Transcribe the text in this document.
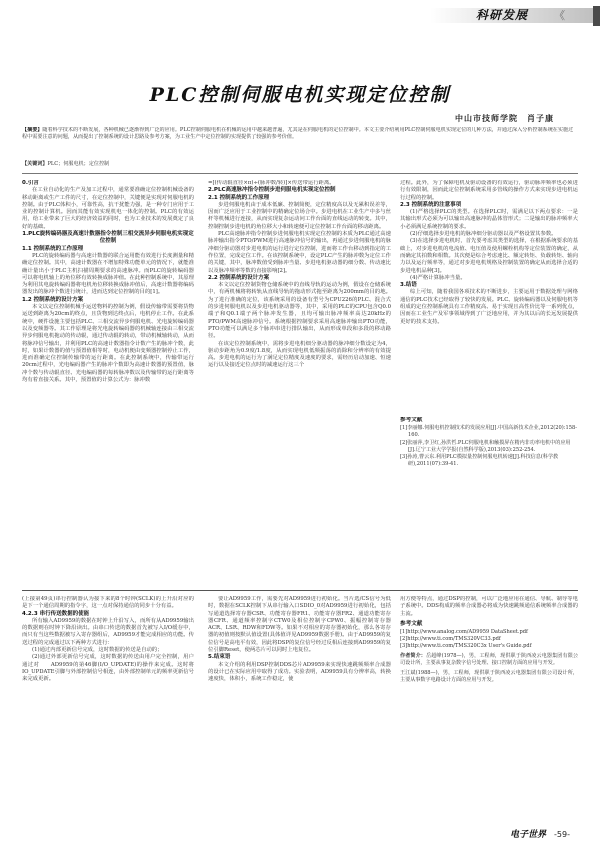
科研发展 《
PLC控制伺服电机实现定位控制
中山市技师学院　肖子康
【摘要】随着科学技术的不断发展，各种机械已逐渐得到广泛的应用。PLC控制伺服电机在机械的运用中越来越普遍，尤其是在伺服电机的定位控制中。本文主要介绍利用PLC控制伺服电机实现定位的几种方法，并通过深入分析控制系统在实施过程中需要注意的问题，从而提出了控制系统的设计思路及参考方案，为工业生产中定位控制的实现提供了较强的参考价值。
【关键词】PLC；伺服电机；定位控制

0.引言

在工业自动化的生产及加工过程中，通常要准确定位控制机械设备的移动距离或生产工件的尺寸，在定位控制中，关键便是实现对伺服电机的控制。由于PLC体积小，可靠性高，抗干扰能力强，是一种专门应用于工业的控制计算机。因而其能有效实现机电一体化的控制。PLC的有效运用，给工业带来了巨大的经济效益的同时，也为工业技术的发展奠定了良好的基础。

1.PLC旋转编码器及高速计数器指令控制三相交流异步伺服电机实现定位控制

1.1 控制系统的工作原理

PLC的旋转编码器与高速计数器的联合运用能有效进行长度测量和精确定位控制。其中，高速计数器在不增加特殊功能单元的情况下，就能准确计量出小于PLC主机扫描周期要求的高速脉冲。而PLC的旋转编码器可以将电机轴上的角位移有效转换成脉冲值。在此种控制系统中，其原理为利用其电旋转编码器将电机角位移转换成脉冲值后，高速计数器将编码器发出的脉冲个数进行统计，进而达到定位控制的目的[1]。

1.2 控制系统的设计方案

本文以定位控制机械手运送物料的控制为例，假设传输带需要将货物运送到距离为20cm的终点，且货物到达终点后，电机停止工作。在此系统中，硬件设施主要包括PLC、三相交流异步伺服电机、光电旋转编码器以及变频器等。其工作原理是将光电旋转编码器的机械轴连接由三相交流异步伺服电机拖动的传动辊，通过传动辊的转动，带动机械轴转动，从而将脉冲信号输出，并利用PLC的高速计数器指令计数产生的脉冲个数，此时，如果计数器的值与预置值相等时，电动机便由变频器控制停止工作，进而准确定位控制传输带的运行距离。在此控制系统中，传输带运行20cm过程中，光电编码器产生的脉冲个数即为高速计数器的预置值，脉冲个数与传动辊直径、光电编码器的每转脉冲数以及传输带的运行距离等均有着直接关系。其中，预置值的计算公式为：脉冲数

=[(传动辊直径×π)÷(脉冲数/转)]×传送带运行距离。

2.PLC高速脉冲指令控制步进伺服电机实现定位控制

2.1 控制系统的工作原理

步进伺服电机由于成本低廉、控制简便，定位精度高以及无累积误差等，因而广泛应用于工业控制中的精确定位场合中。步进电机在工业生产中多与丝杆等机械进行连接，从而实现复杂运动问工作台面的直线运动的转变。其中，控制控制步进电机的角位移大小和转速便可定位控制工作台面的移动距离。

PLC高速脉冲指令控制步进伺服电机实现定位控制的本质为PLC通过高速脉冲输出指令PTO/PWM进行高速脉冲信号的输出，再通过步进伺服电机的脉冲细分驱动器对步进电机的运行进行定位控制，进而将工作台移动到指定的工作位置，完成定位工作。在该控制系统中，设定PLC产生的脉冲数为定位工作的关键，其中，脉冲数值受到脉冲当量、步进电机驱动器的细分数、传动速比以及脉冲频率等数的直接影响[2]。

2.2 控制系统的设计方案

本文以定位控制货物仓储系统中的直线导轨的运动为例，假设在仓储系统中，有两机械将将转轨从直线导轨的拖动形式拖至距离为200mm的目的地。为了进行准确的定位，该系统采用的设备有型号为CPU226的PLC、混合式的步进伺服电机以及步进电机驱动器等，其中，采用的PLC的CPU包含Q0.0端子和Q0.1端子两个脉冲发生器，且均可输出脉冲频率高达20kHz的PTO/PWM高速脉冲信号。系统根据控制要求采用高速脉冲输出PTO功能，PTO功能可以满足多个脉冲串进行排队输出，从而形成单段和多段的移动路径。

在该定位控制系统中，需将步进电机细分驱动器的脉冲细分数设定为4，驱动步距角为0.9度/1.8度，从而实现电机低频振荡的消除和分辨率的有效提高。步进电机的运行为了满足定位精度及速度的要求，需经历启动加速、恒速运行以及接近定位点时的减速运行这三个

过程。此外，为了保障电机及驱动设备的有效运行，驱动脉冲频率也必须进行有效限制，因而此定位控制系统采用多管线的操作方式来实现步进电机运行过程的控制。

2.3 控制系统的注意事项

(1)严格选择PLC的类型。在选择PLC时，需满足以下两点要求：一是其输出形式必须为可以输出高速脉冲的晶体管形式；二是输出的脉冲频率大小必须满足系统控制的要求。

(2)仔细选择步进电机的脉冲细分驱动器以及严格设置其参数。

(3)在选择步进电机时，首先要考虑其类型的选择，在根据系统要求的基础上，对步进电机的电流值、电压值及使用螺栓机构等定位装置的确定，从而确定其拍数和相数。其次便是综合考虑速比、额定转矩、负载转矩、轴向力以及运行频率等，通过对步进电机规格及控制装置的确定从而选择合适的步进电机品种[3]。

(4)严格计算脉冲当量。

3.结语

综上可知，随着我国各项技术的不断进步，主要运用于数据处理与网络通信的PLC技术已经取得了较快的发展。PLC、旋转编码器以及伺服电机等组成的定位控制系统具有工作精度高、易于实现且高性价比等一系列优点，因而在工业生产及军事领域得到了广泛地应用，并为其以后的长远发展提供更好的技术支持。

参考文献
[1]李丽娜.伺服电机控制技术的发展应用[J].中国高新技术企业,2012(20):158-160.
[2]张丽萍,李卫红,孙洪哲.PLC伺服电机和触摸屏在精内非功率电机中的应用[J].辽宁工业大学学报(自然科学版),2013(03):252-254.
[3]孙涛,曹云东.利用PLC模拟量控制伺服电机转速[J].科技信息(科学教研),2011(07):39-41.

(上接第49页)串行控制器认为接下来的8个时钟(SCLK)的上升沿对应的是下一个通信周期的指令字，这一点对保持通信的同步十分有益。

4.2.3 串行传送数据的使能

所有输入AD9959的数据在时钟上升沿写入，而所有从AD9959输出的数据则在时钟下降沿读出。由串口传送的数据首先被写入I/O缓存中，而只有当这些数据被写入寄存器组后，AD9959才能完成相应的功能。传送过程的完成通过以下两种方式进行：

(1)通过内部更新信号完成，这时数据的传送是自动的；

(2)通过外部更新信号完成，这时数据的传送由用户完全控制，用户通过对　　AD9959的第46脚(I/O_UPDATE)的操作来完成。这时将IO_UPDATE引脚与外部控制信号相连，由外部控制单元的频率更新信号来完成更新。

要让AD9959工作，需要先对AD9959进行初始化。当片选/CS信号为低时，数据在SCLK控制下从串行输入口SDIO_0对AD9959进行初始化，包括写通道选择寄存器CSR、功能寄存器FR1、功能寄存器FR2、通道功能寄存器CFR、通道频率控制字CTW0及相位控制字CPW0、振幅控制寄存器ACR、LSR、RDW和FDW等。如果不对相应的寄存器初始化，那么各寄存器的初值则按默认值设置(具体值详见AD9959数据手册)。由于AD9959的复位信号是高电平有效，因此将DSP的复位信号经过反相后连接到AD9959的复位引脚Reset，使两芯片可以同时上电复位。

5.结束语

本文介绍的利用DSP控制DDS芯片AD9959来实现快速跳频频率合成器的设计已在实际应用中取得了成功。实验表明，AD9959具有分辨率高，转换速度快，体积小，系统工作稳定，使

用方便等特点，通过DSP的控制，可以广泛地应用在通信、导航、制导等电子系统中。DDS构成的频率合成器必将成为快速跳频通信系统频率合成器的主流。

参考文献
[1]http://www.analog.com/AD9959 DataSheet.pdf
[2]http://www.ti.com/TMS320VC33.pdf
[3]http://www.ti.com/TMS320C3x User's Guide.pdf
作者简介：岳超峰(1978—)，男，工程师，现供职于陕西凌云电器集团有限公司设计所，主要从事复杂数字信号处理、接口控制方面的应用与开发。
王江斌(1988—)，男，工程师，现供职于陕西凌云电器集团有限公司设计所，主要从事数字电路设计方面的应用与开发。
电子世界 -59-
